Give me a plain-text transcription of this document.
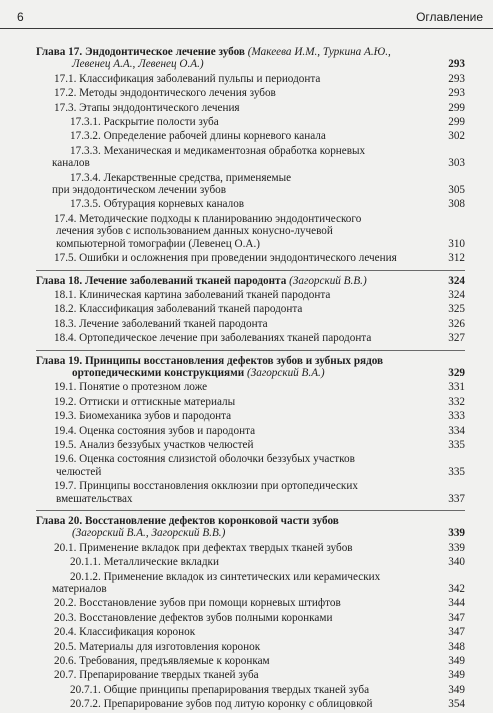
6	Оглавление
Глава 17. Эндодонтическое лечение зубов (Макеева И.М., Туркина А.Ю.,
Левенец А.А., Левенец О.А.)	293
17.1. Классификация заболеваний пульпы и периодонта	293
17.2. Методы эндодонтического лечения зубов	293
17.3. Этапы эндодонтического лечения	299
17.3.1. Раскрытие полости зуба	299
17.3.2. Определение рабочей длины корневого канала	302
17.3.3. Механическая и медикаментозная обработка корневых
каналов	303
17.3.4. Лекарственные средства, применяемые
при эндодонтическом лечении зубов	305
17.3.5. Обтурация корневых каналов	308
17.4. Методические подходы к планированию эндодонтического
лечения зубов с использованием данных конусно-лучевой
компьютерной томографии (Левенец О.А.)	310
17.5. Ошибки и осложнения при проведении эндодонтического лечения	312
Глава 18. Лечение заболеваний тканей пародонта (Загорский В.В.)	324
18.1. Клиническая картина заболеваний тканей пародонта	324
18.2. Классификация заболеваний тканей пародонта	325
18.3. Лечение заболеваний тканей пародонта	326
18.4. Ортопедическое лечение при заболеваниях тканей пародонта	327
Глава 19. Принципы восстановления дефектов зубов и зубных рядов
ортопедическими конструкциями (Загорский В.А.)	329
19.1. Понятие о протезном ложе	331
19.2. Оттиски и оттискные материалы	332
19.3. Биомеханика зубов и пародонта	333
19.4. Оценка состояния зубов и пародонта	334
19.5. Анализ беззубых участков челюстей	335
19.6. Оценка состояния слизистой оболочки беззубых участков
челюстей	335
19.7. Принципы восстановления окклюзии при ортопедических
вмешательствах	337
Глава 20. Восстановление дефектов коронковой части зубов
(Загорский В.А., Загорский В.В.)	339
20.1. Применение вкладок при дефектах твердых тканей зубов	339
20.1.1. Металлические вкладки	340
20.1.2. Применение вкладок из синтетических или керамических
материалов	342
20.2. Восстановление зубов при помощи корневых штифтов	344
20.3. Восстановление дефектов зубов полными коронками	347
20.4. Классификация коронок	347
20.5. Материалы для изготовления коронок	348
20.6. Требования, предъявляемые к коронкам	349
20.7. Препарирование твердых тканей зуба	349
20.7.1. Общие принципы препарирования твердых тканей зуба	349
20.7.2. Препарирование зубов под литую коронку с облицовкой	354
